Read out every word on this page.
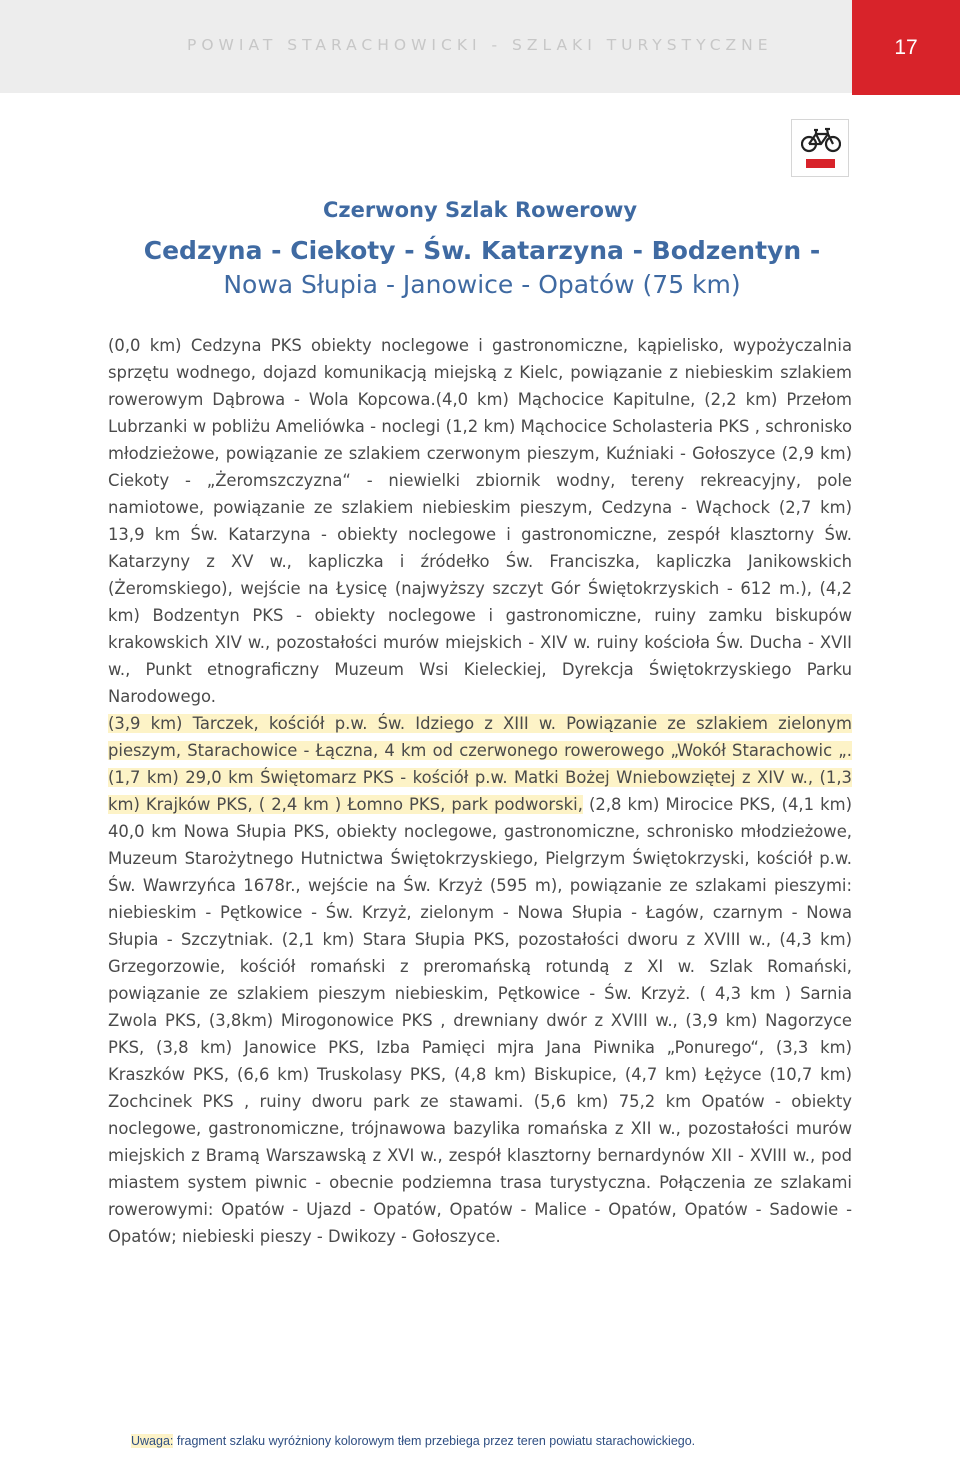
POWIAT STARACHOWICKI - SZLAKI TURYSTYCZNE	17
Czerwony Szlak Rowerowy
Cedzyna - Ciekoty - Św. Katarzyna - Bodzentyn -
Nowa Słupia - Janowice - Opatów (75 km)

(0,0 km) Cedzyna PKS obiekty noclegowe i gastronomiczne, kąpielisko, wypożyczalnia sprzętu wodnego, dojazd komunikacją miejską z Kielc, powiązanie z niebieskim szlakiem rowerowym Dąbrowa - Wola Kopcowa.(4,0 km) Mąchocice Kapitulne, (2,2 km) Przełom Lubrzanki w pobliżu Ameliówka - noclegi (1,2 km) Mąchocice Scholasteria PKS , schronisko młodzieżowe, powiązanie ze szlakiem czerwonym pieszym, Kuźniaki - Gołoszyce (2,9 km) Ciekoty - „Żeromszczyzna“ - niewielki zbiornik wodny, tereny rekreacyjny, pole namiotowe, powiązanie ze szlakiem niebieskim pieszym, Cedzyna - Wąchock (2,7 km) 13,9 km Św. Katarzyna - obiekty noclegowe i gastronomiczne, zespół klasztorny Św. Katarzyny z XV w., kapliczka i źródełko Św. Franciszka, kapliczka Janikowskich (Żeromskiego), wejście na Łysicę (najwyższy szczyt Gór Świętokrzyskich - 612 m.), (4,2 km) Bodzentyn PKS - obiekty noclegowe i gastronomiczne, ruiny zamku biskupów krakowskich XIV w., pozostałości murów miejskich - XIV w. ruiny kościoła Św. Ducha - XVII w., Punkt etnograficzny Muzeum Wsi Kieleckiej, Dyrekcja Świętokrzyskiego Parku Narodowego.
(3,9 km) Tarczek, kościół p.w. Św. Idziego z XIII w. Powiązanie ze szlakiem zielonym pieszym, Starachowice - Łączna, 4 km od czerwonego rowerowego „Wokół Starachowic „. (1,7 km) 29,0 km Świętomarz PKS - kościół p.w. Matki Bożej Wniebowziętej z XIV w., (1,3 km) Krajków PKS, ( 2,4 km ) Łomno PKS, park podworski, (2,8 km) Mirocice PKS, (4,1 km) 40,0 km Nowa Słupia PKS, obiekty noclegowe, gastronomiczne, schronisko młodzieżowe, Muzeum Starożytnego Hutnictwa Świętokrzyskiego, Pielgrzym Świętokrzyski, kościół p.w. Św. Wawrzyńca 1678r., wejście na Św. Krzyż (595 m), powiązanie ze szlakami pieszymi: niebieskim - Pętkowice - Św. Krzyż, zielonym - Nowa Słupia - Łagów, czarnym - Nowa Słupia - Szczytniak. (2,1 km) Stara Słupia PKS, pozostałości dworu z XVIII w., (4,3 km) Grzegorzowie, kościół romański z preromańską rotundą z XI w. Szlak Romański, powiązanie ze szlakiem pieszym niebieskim, Pętkowice - Św. Krzyż. ( 4,3 km ) Sarnia Zwola PKS, (3,8km) Mirogonowice PKS , drewniany dwór z XVIII w., (3,9 km) Nagorzyce PKS, (3,8 km) Janowice PKS, Izba Pamięci mjra Jana Piwnika „Ponurego“, (3,3 km) Kraszków PKS, (6,6 km) Truskolasy PKS, (4,8 km) Biskupice, (4,7 km) Łężyce (10,7 km) Zochcinek PKS , ruiny dworu park ze stawami. (5,6 km) 75,2 km Opatów - obiekty noclegowe, gastronomiczne, trójnawowa bazylika romańska z XII w., pozostałości murów miejskich z Bramą Warszawską z XVI w., zespół klasztorny bernardynów XII - XVIII w., pod miastem system piwnic - obecnie podziemna trasa turystyczna. Połączenia ze szlakami rowerowymi: Opatów - Ujazd - Opatów, Opatów - Malice - Opatów, Opatów - Sadowie - Opatów; niebieski pieszy - Dwikozy - Gołoszyce.

Uwaga: fragment szlaku wyróżniony kolorowym tłem przebiega przez teren powiatu starachowickiego.
